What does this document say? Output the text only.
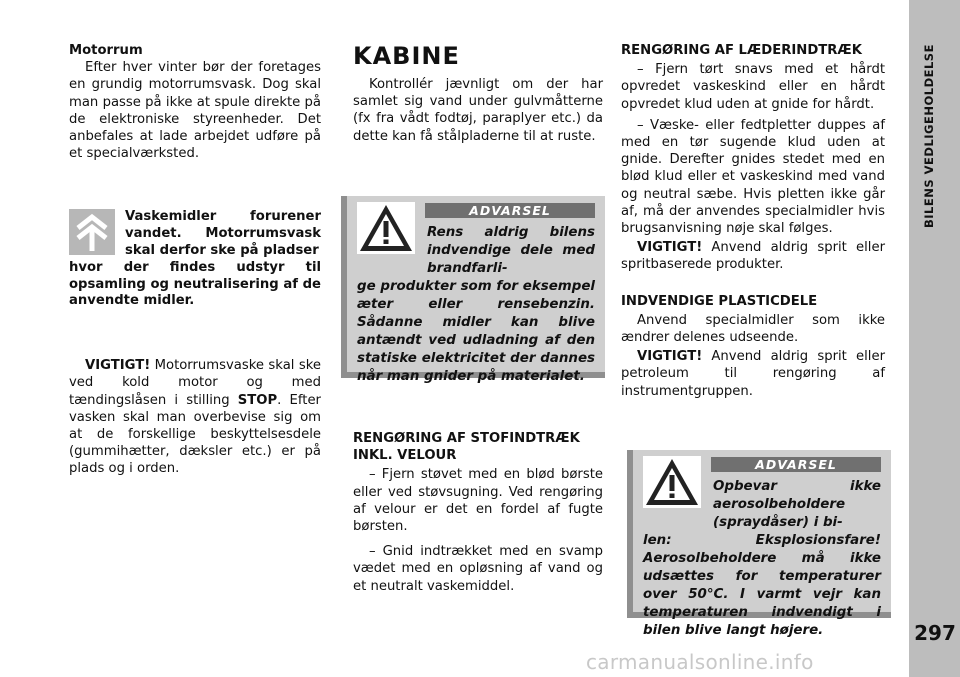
Motorrum

Efter hver vinter bør der foretages en grundig motorrumsvask. Dog skal man passe på ikke at spule direkte på de elektroniske styreenheder. Det anbefales at lade arbejdet udføre på et specialværksted.

Vaskemidler forurener vandet. Motorrumsvask skal derfor ske på pladser
hvor der findes udstyr til opsamling og neutralisering af de anvendte midler.

VIGTIGT! Motorrumsvaske skal ske ved kold motor og med tændingslåsen i stilling STOP. Efter vasken skal man overbevise sig om at de forskellige beskyttelsesdele (gummihætter, dæksler etc.) er på plads og i orden.

KABINE

Kontrollér jævnligt om der har samlet sig vand under gulvmåtterne (fx fra vådt fodtøj, paraplyer etc.) da dette kan få stålpladerne til at ruste.

ADVARSEL
Rens aldrig bilens indvendige dele med brandfarli-
ge produkter som for eksempel æter eller rensebenzin. Sådanne midler kan blive antændt ved udladning af den statiske elektricitet der dannes når man gnider på materialet.
RENGØRING AF STOFINDTRÆK INKL. VELOUR

– Fjern støvet med en blød børste eller ved støvsugning. Ved rengøring af velour er det en fordel af fugte børsten.

– Gnid indtrækket med en svamp vædet med en opløsning af vand og et neutralt vaskemiddel.

RENGØRING AF LÆDERINDTRÆK

– Fjern tørt snavs med et hårdt opvredet vaskeskind eller en hårdt opvredet klud uden at gnide for hårdt.

– Væske- eller fedtpletter duppes af med en tør sugende klud uden at gnide. Derefter gnides stedet med en blød klud eller et vaskeskind med vand og neutral sæbe. Hvis pletten ikke går af, må der anvendes specialmidler hvis brugsanvisning nøje skal følges.

VIGTIGT! Anvend aldrig sprit eller spritbaserede produkter.

INDVENDIGE PLASTICDELE

Anvend specialmidler som ikke ændrer delenes udseende.

VIGTIGT! Anvend aldrig sprit eller petroleum til rengøring af instrumentgruppen.

ADVARSEL
Opbevar ikke aerosolbeholdere (spraydåser) i bi-
len: Eksplosionsfare! Aerosolbeholdere må ikke udsættes for temperaturer over 50°C. I varmt vejr kan temperaturen indvendigt i bilen blive langt højere.
BILENS VEDLIGEHOLDELSE
297
carmanualsonline.info
